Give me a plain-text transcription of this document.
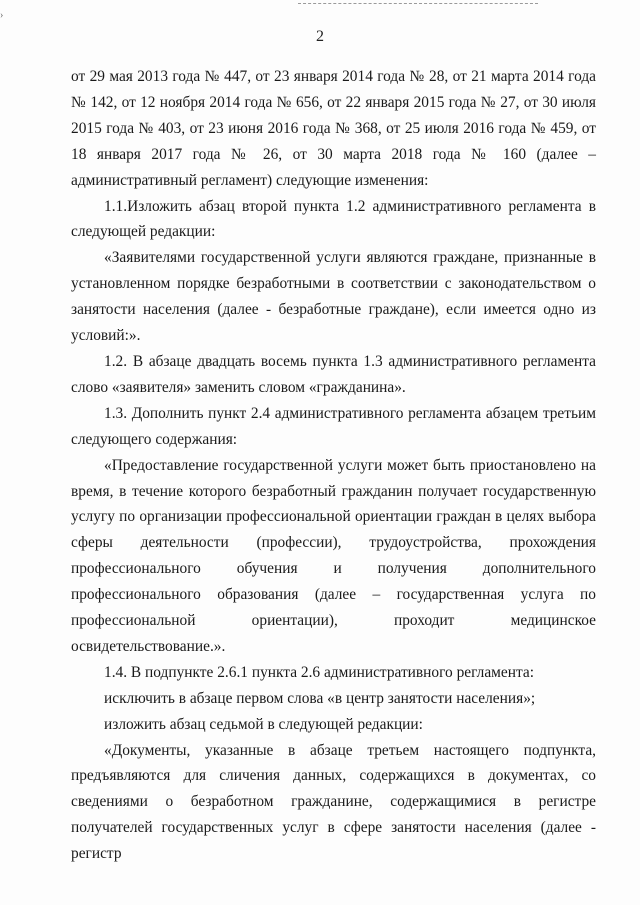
›
2

от 29 мая 2013 года № 447, от 23 января 2014 года № 28, от 21 марта 2014 года № 142, от 12 ноября 2014 года № 656, от 22 января 2015 года № 27, от 30 июля 2015 года № 403, от 23 июня 2016 года № 368, от 25 июля 2016 года № 459, от 18 января 2017 года № 26, от 30 марта 2018 года № 160 (далее – административный регламент) следующие изменения:

1.1.Изложить абзац второй пункта 1.2 административного регламента в следующей редакции:

«Заявителями государственной услуги являются граждане, признанные в установленном порядке безработными в соответствии с законодательством о занятости населения (далее - безработные граждане), если имеется одно из условий:».

1.2. В абзаце двадцать восемь пункта 1.3 административного регламента слово «заявителя» заменить словом «гражданина».

1.3. Дополнить пункт 2.4 административного регламента абзацем третьим следующего содержания:

«Предоставление государственной услуги может быть приостановлено на время, в течение которого безработный гражданин получает государственную услугу по организации профессиональной ориентации граждан в целях выбора сферы деятельности (профессии), трудоустройства, прохождения профессионального обучения и получения дополнительного профессионального образования (далее – государственная услуга по профессиональной ориентации), проходит медицинское освидетельствование.».

1.4. В подпункте 2.6.1 пункта 2.6 административного регламента:

исключить в абзаце первом слова «в центр занятости населения»;

изложить абзац седьмой в следующей редакции:

«Документы, указанные в абзаце третьем настоящего подпункта, предъявляются для сличения данных, содержащихся в документах, со сведениями о безработном гражданине, содержащимися в регистре получателей государственных услуг в сфере занятости населения (далее - регистр
